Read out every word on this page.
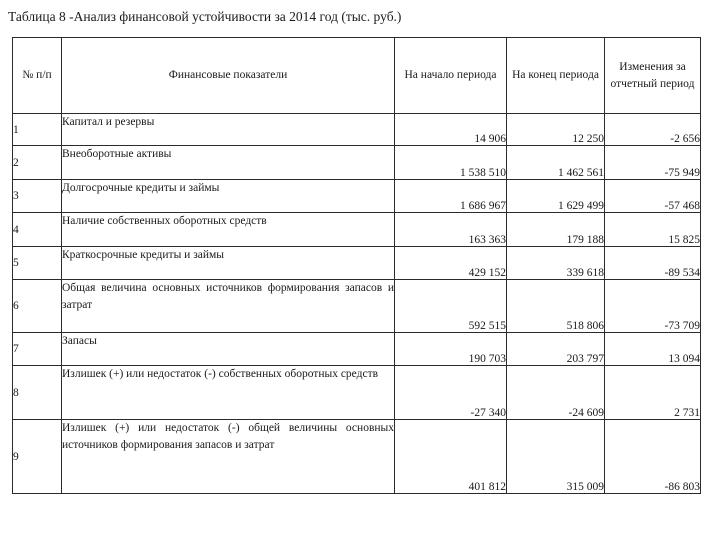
Таблица 8 -Анализ финансовой устойчивости за 2014 год (тыс. руб.)
№ п/п	Финансовые показатели	На начало периода	На конец периода	Изменения за отчетный период
1	Капитал и резервы	14 906	12 250	-2 656
2	Внеоборотные активы	1 538 510	1 462 561	-75 949
3	Долгосрочные кредиты и займы	1 686 967	1 629 499	-57 468
4	Наличие собственных оборотных средств	163 363	179 188	15 825
5	Краткосрочные кредиты и займы	429 152	339 618	-89 534
6	Общая величина основных источников формирования запасов и затрат	592 515	518 806	-73 709
7	Запасы	190 703	203 797	13 094
8	Излишек (+) или недостаток (-) собственных оборотных средств	-27 340	-24 609	2 731
9	Излишек (+) или недостаток (-) общей величины основных источников формирования запасов и затрат	401 812	315 009	-86 803
